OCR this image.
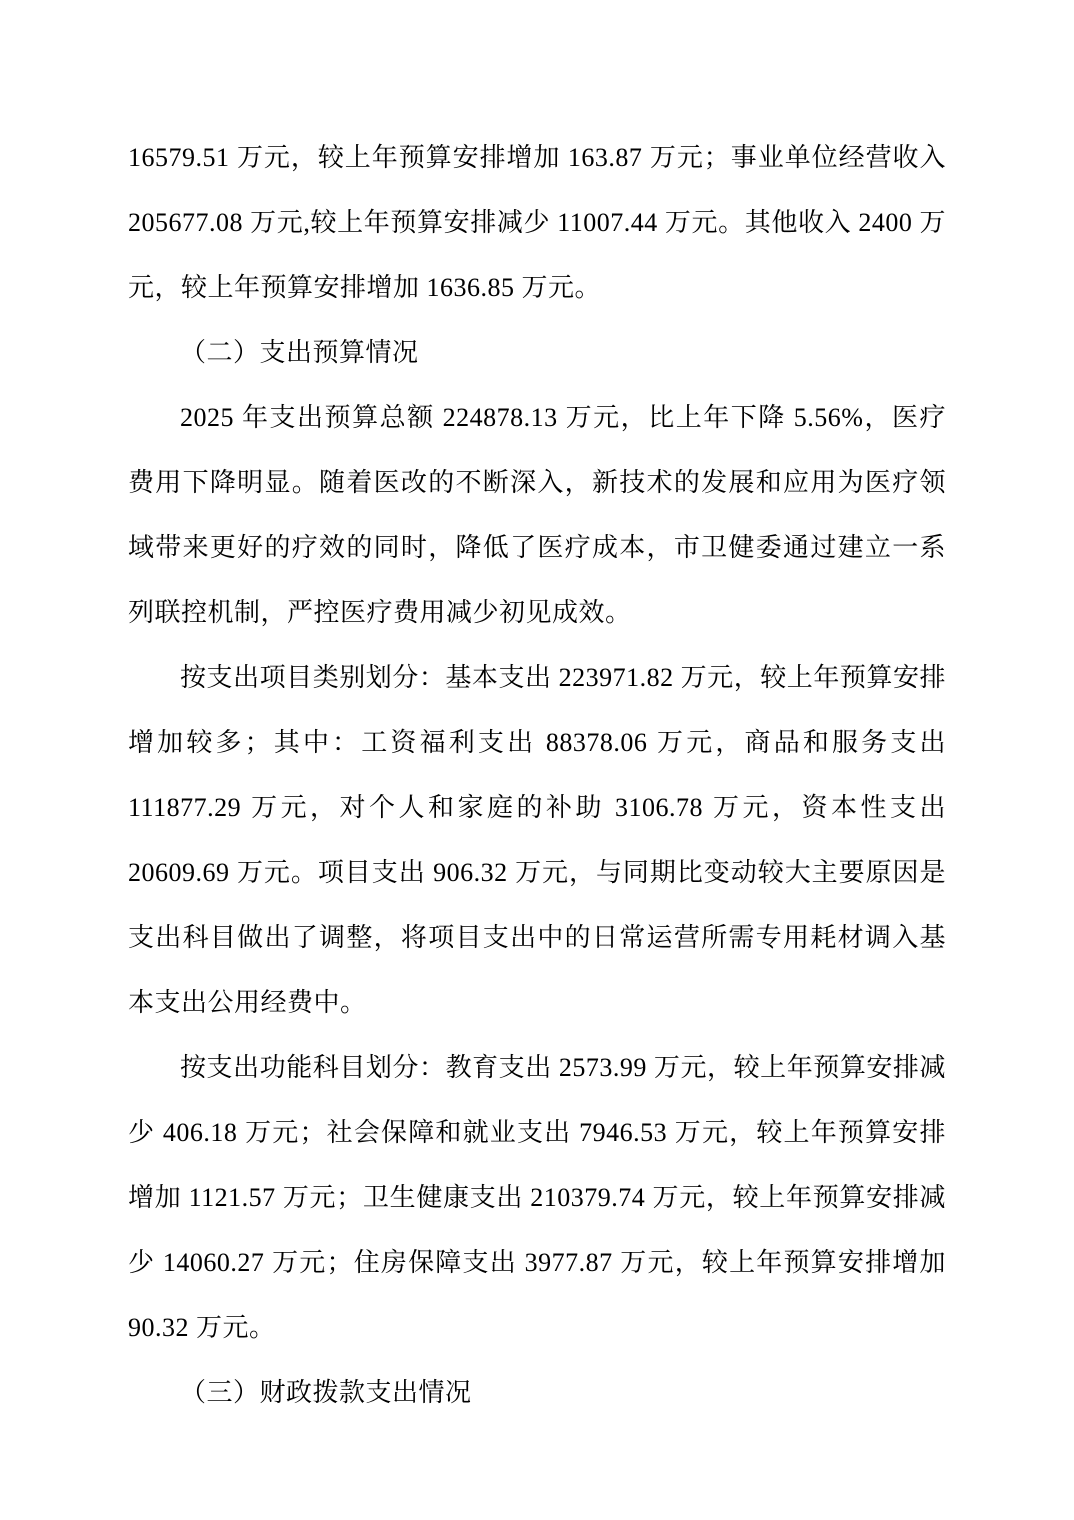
16579.51 万元，较上年预算安排增加 163.87 万元；事业单位经营收入 205677.08 万元,较上年预算安排减少 11007.44 万元。其他收入 2400 万元，较上年预算安排增加 1636.85 万元。

（二）支出预算情况

2025 年支出预算总额 224878.13 万元，比上年下降 5.56%，医疗费用下降明显。随着医改的不断深入，新技术的发展和应用为医疗领域带来更好的疗效的同时，降低了医疗成本，市卫健委通过建立一系列联控机制，严控医疗费用减少初见成效。

按支出项目类别划分：基本支出 223971.82 万元，较上年预算安排增加较多；其中：工资福利支出 88378.06 万元，商品和服务支出 111877.29 万元，对个人和家庭的补助 3106.78 万元，资本性支出 20609.69 万元。项目支出 906.32 万元，与同期比变动较大主要原因是支出科目做出了调整，将项目支出中的日常运营所需专用耗材调入基本支出公用经费中。

按支出功能科目划分：教育支出 2573.99 万元，较上年预算安排减少 406.18 万元；社会保障和就业支出 7946.53 万元，较上年预算安排增加 1121.57 万元；卫生健康支出 210379.74 万元，较上年预算安排减少 14060.27 万元；住房保障支出 3977.87 万元，较上年预算安排增加 90.32 万元。

（三）财政拨款支出情况
